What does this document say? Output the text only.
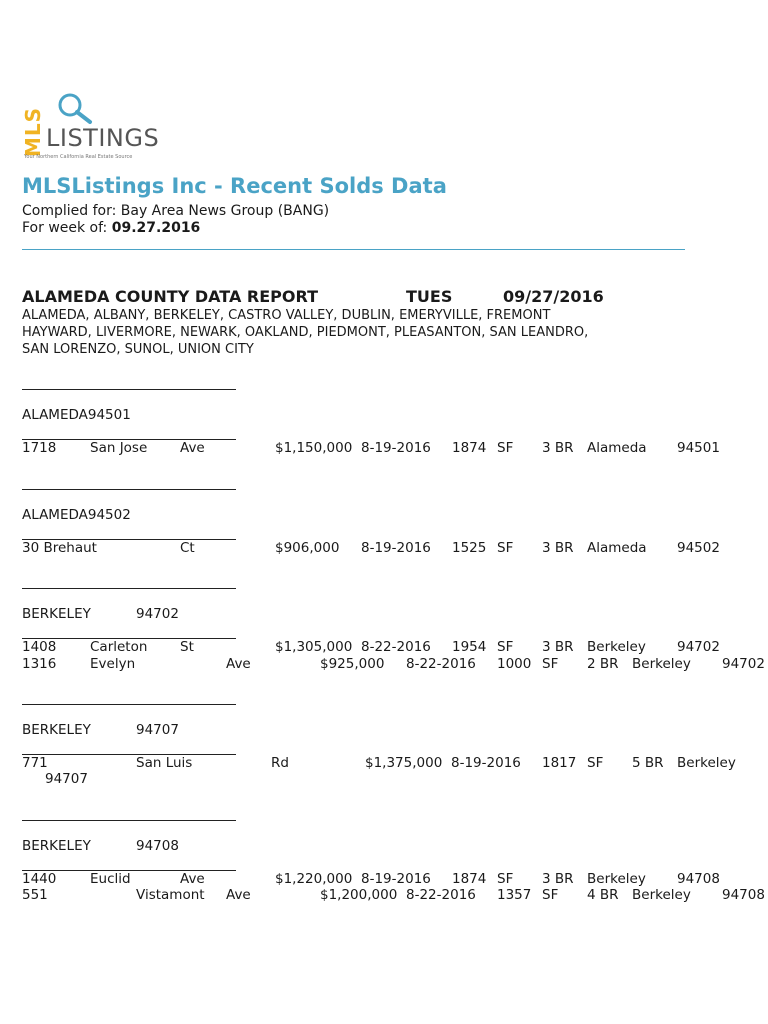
MLS LISTINGS
Your Northern California Real Estate Source
MLSListings Inc - Recent Solds Data
Complied for: Bay Area News Group (BANG)
For week of: 09.27.2016
ALAMEDA COUNTY DATA REPORT	TUES	09/27/2016
ALAMEDA, ALBANY, BERKELEY, CASTRO VALLEY, DUBLIN, EMERYVILLE, FREMONT
HAYWARD, LIVERMORE, NEWARK, OAKLAND, PIEDMONT, PLEASANTON, SAN LEANDRO,
SAN LORENZO, SUNOL, UNION CITY
ALAMEDA94501
1718 San Jose Ave	$1,150,000 8-19-2016 1874 SF 3 BR Alameda 94501
ALAMEDA94502
30 Brehaut	Ct	$906,000 8-19-2016 1525 SF 3 BR Alameda 94502
BERKELEY	94702
1408 Carleton St	$1,305,000 8-22-2016 1954 SF 3 BR Berkeley 94702
1316 Evelyn	Ave	$925,000 8-22-2016 1000 SF 2 BR Berkeley 94702
BERKELEY	94707
771	San Luis	Rd	$1,375,000 8-19-2016 1817 SF 5 BR Berkeley
94707
BERKELEY	94708
1440 Euclid	Ave	$1,220,000 8-19-2016 1874 SF 3 BR Berkeley 94708
551	Vistamont Ave	$1,200,000 8-22-2016 1357 SF 4 BR Berkeley 94708
